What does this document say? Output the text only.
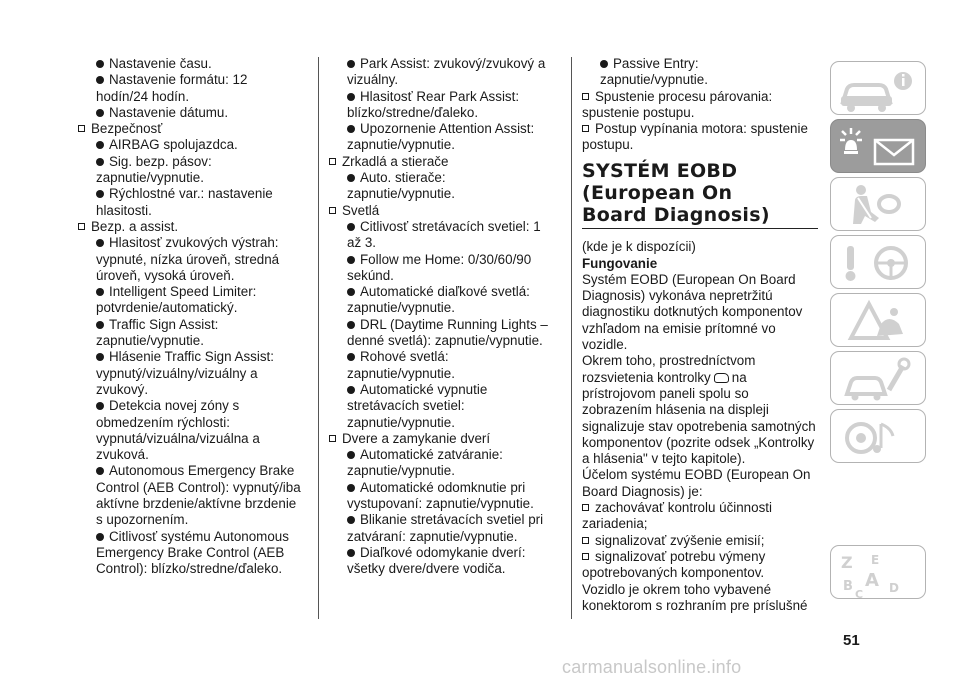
Nastavenie času.
Nastavenie formátu: 12
hodín/24 hodín.
Nastavenie dátumu.
Bezpečnosť
AIRBAG spolujazdca.
Sig. bezp. pásov:
zapnutie/vypnutie.
Rýchlostné var.: nastavenie
hlasitosti.
Bezp. a assist.
Hlasitosť zvukových výstrah:
vypnuté, nízka úroveň, stredná
úroveň, vysoká úroveň.
Intelligent Speed Limiter:
potvrdenie/automatický.
Traffic Sign Assist:
zapnutie/vypnutie.
Hlásenie Traffic Sign Assist:
vypnutý/vizuálny/vizuálny a
zvukový.
Detekcia novej zóny s
obmedzením rýchlosti:
vypnutá/vizuálna/vizuálna a
zvuková.
Autonomous Emergency Brake
Control (AEB Control): vypnutý/iba
aktívne brzdenie/aktívne brzdenie
s upozornením.
Citlivosť systému Autonomous
Emergency Brake Control (AEB
Control): blízko/stredne/ďaleko.
Park Assist: zvukový/zvukový a
vizuálny.
Hlasitosť Rear Park Assist:
blízko/stredne/ďaleko.
Upozornenie Attention Assist:
zapnutie/vypnutie.
Zrkadlá a stierače
Auto. stierače:
zapnutie/vypnutie.
Svetlá
Citlivosť stretávacích svetiel: 1
až 3.
Follow me Home: 0/30/60/90
sekúnd.
Automatické diaľkové svetlá:
zapnutie/vypnutie.
DRL (Daytime Running Lights –
denné svetlá): zapnutie/vypnutie.
Rohové svetlá:
zapnutie/vypnutie.
Automatické vypnutie
stretávacích svetiel:
zapnutie/vypnutie.
Dvere a zamykanie dverí
Automatické zatváranie:
zapnutie/vypnutie.
Automatické odomknutie pri
vystupovaní: zapnutie/vypnutie.
Blikanie stretávacích svetiel pri
zatváraní: zapnutie/vypnutie.
Diaľkové odomykanie dverí:
všetky dvere/dvere vodiča.
Passive Entry:
zapnutie/vypnutie.
Spustenie procesu párovania:
spustenie postupu.
Postup vypínania motora: spustenie
postupu.
SYSTÉM EOBD
(European On
Board Diagnosis)
(kde je k dispozícii)
Fungovanie
Systém EOBD (European On Board
Diagnosis) vykonáva nepretržitú
diagnostiku dotknutých komponentov
vzhľadom na emisie prítomné vo
vozidle.
Okrem toho, prostredníctvom
rozsvietenia kontrolky na
prístrojovom paneli spolu so
zobrazením hlásenia na displeji
signalizuje stav opotrebenia samotných
komponentov (pozrite odsek „Kontrolky
a hlásenia" v tejto kapitole).
Účelom systému EOBD (European On
Board Diagnosis) je:
zachovávať kontrolu účinnosti
zariadenia;
signalizovať zvýšenie emisií;
signalizovať potrebu výmeny
opotrebovaných komponentov.
Vozidlo je okrem toho vybavené
konektorom s rozhraním pre príslušné
51
carmanualsonline.info
Z E
B A
C D
